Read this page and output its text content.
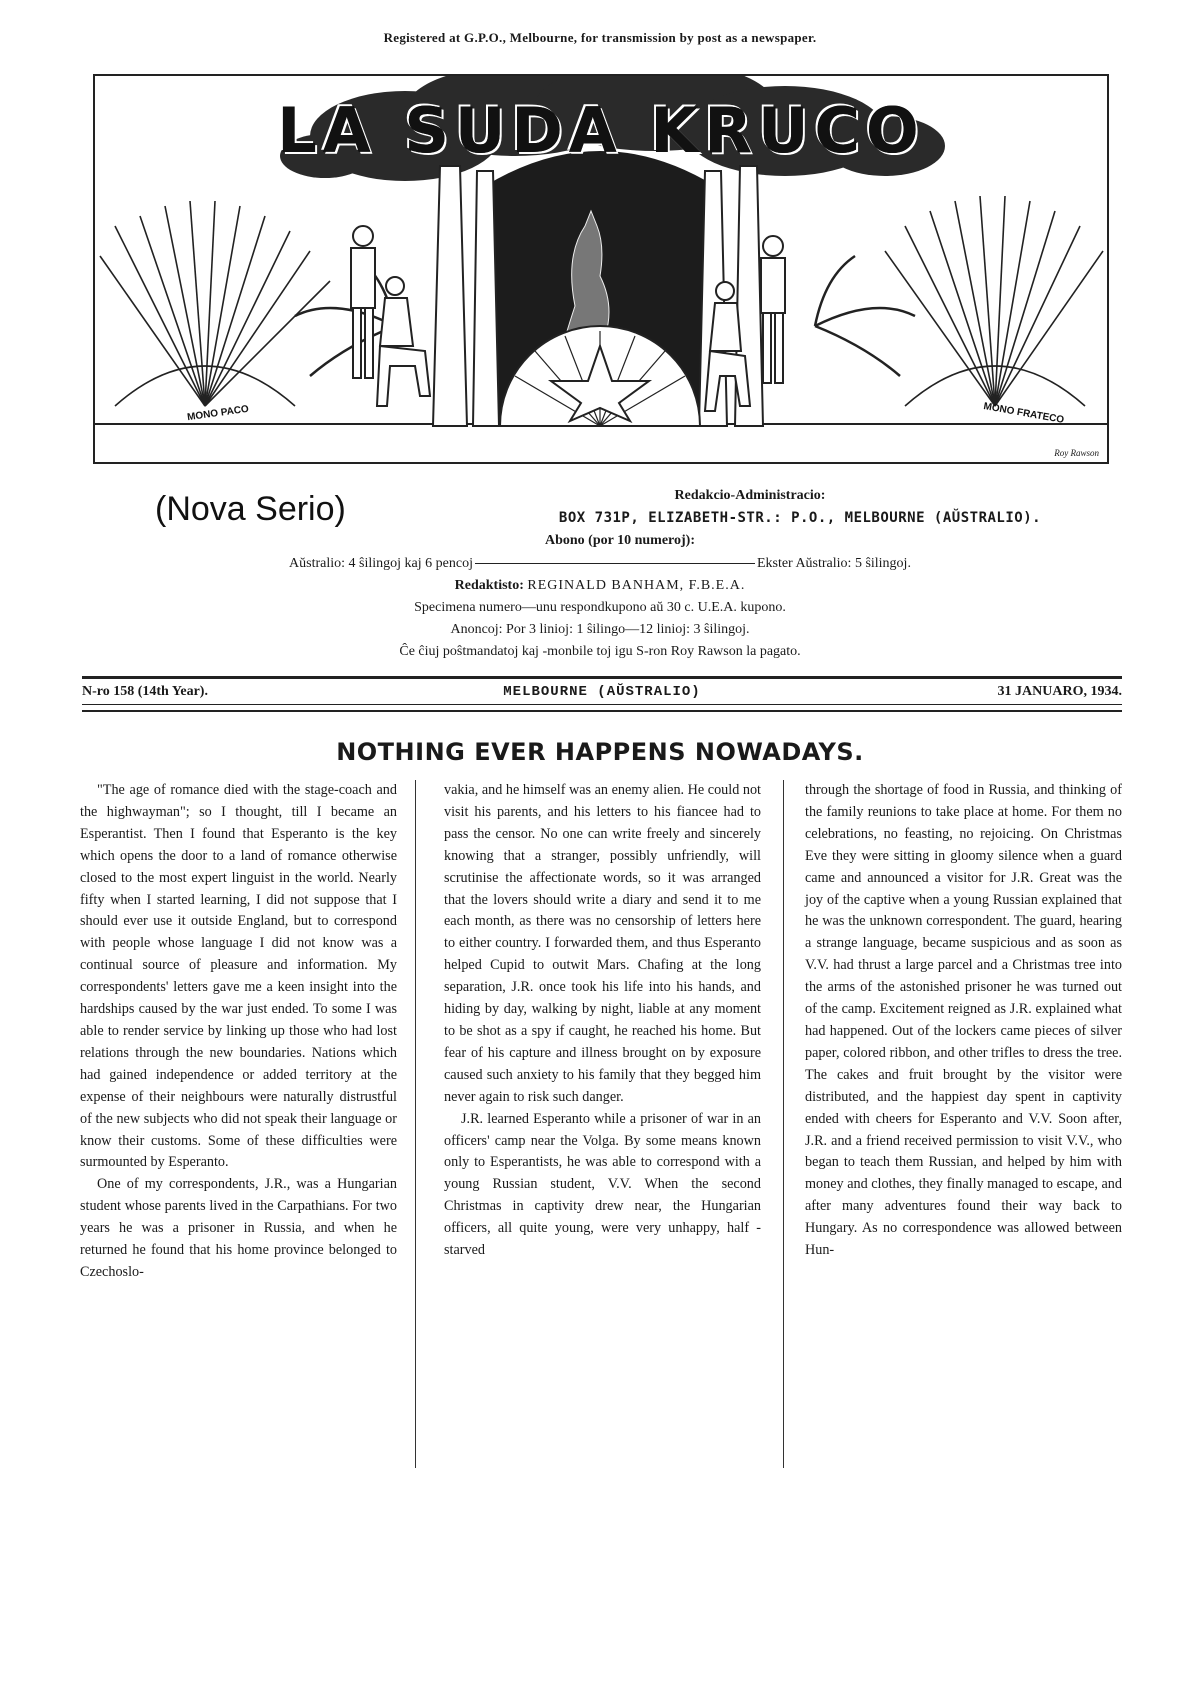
Registered at G.P.O., Melbourne, for transmission by post as a newspaper.
LA SUDA KRUCO
MONO PACO	MONO FRATECO
Roy Rawson
(Nova Serio)	Redakcio-Administracio:
BOX 731P, ELIZABETH-STR.: P.O., MELBOURNE (AŬSTRALIO).
Abono (por 10 numeroj):
Aŭstralio: 4 ŝilingoj kaj 6 pencoj	Ekster Aŭstralio: 5 ŝilingoj.
Redaktisto: REGINALD BANHAM, F.B.E.A.
Specimena numero—unu respondkupono aŭ 30 c. U.E.A. kupono.
Anoncoj: Por 3 linioj: 1 ŝilingo—12 linioj: 3 ŝilingoj.
Ĉe ĉiuj poŝtmandatoj kaj -monbile toj igu S-ron Roy Rawson la pagato.
N-ro 158 (14th Year).	MELBOURNE (AŬSTRALIO)	31 JANUARO, 1934.
NOTHING EVER HAPPENS NOWADAYS.

"The age of romance died with the stage-coach and the highwayman"; so I thought, till I became an Esperantist. Then I found that Esperanto is the key which opens the door to a land of romance otherwise closed to the most expert linguist in the world. Nearly fifty when I started learning, I did not suppose that I should ever use it outside England, but to correspond with people whose language I did not know was a continual source of pleasure and information. My correspondents' letters gave me a keen insight into the hardships caused by the war just ended. To some I was able to render service by linking up those who had lost relations through the new boundaries. Nations which had gained independence or added territory at the expense of their neighbours were naturally distrustful of the new subjects who did not speak their language or know their customs. Some of these difficulties were surmounted by Esperanto.

One of my correspondents, J.R., was a Hungarian student whose parents lived in the Carpathians. For two years he was a prisoner in Russia, and when he returned he found that his home province belonged to Czechoslo-

vakia, and he himself was an enemy alien. He could not visit his parents, and his letters to his fiancee had to pass the censor. No one can write freely and sincerely knowing that a stranger, possibly unfriendly, will scrutinise the affectionate words, so it was arranged that the lovers should write a diary and send it to me each month, as there was no censorship of letters here to either country. I forwarded them, and thus Esperanto helped Cupid to outwit Mars. Chafing at the long separation, J.R. once took his life into his hands, and hiding by day, walking by night, liable at any moment to be shot as a spy if caught, he reached his home. But fear of his capture and illness brought on by exposure caused such anxiety to his family that they begged him never again to risk such danger.

J.R. learned Esperanto while a prisoner of war in an officers' camp near the Volga. By some means known only to Esperantists, he was able to correspond with a young Russian student, V.V. When the second Christmas in captivity drew near, the Hungarian officers, all quite young, were very unhappy, half - starved

through the shortage of food in Russia, and thinking of the family reunions to take place at home. For them no celebrations, no feasting, no rejoicing. On Christmas Eve they were sitting in gloomy silence when a guard came and announced a visitor for J.R. Great was the joy of the captive when a young Russian explained that he was the unknown correspondent. The guard, hearing a strange language, became suspicious and as soon as V.V. had thrust a large parcel and a Christmas tree into the arms of the astonished prisoner he was turned out of the camp. Excitement reigned as J.R. explained what had happened. Out of the lockers came pieces of silver paper, colored ribbon, and other trifles to dress the tree. The cakes and fruit brought by the visitor were distributed, and the happiest day spent in captivity ended with cheers for Esperanto and V.V. Soon after, J.R. and a friend received permission to visit V.V., who began to teach them Russian, and helped by him with money and clothes, they finally managed to escape, and after many adventures found their way back to Hungary. As no correspondence was allowed between Hun-
